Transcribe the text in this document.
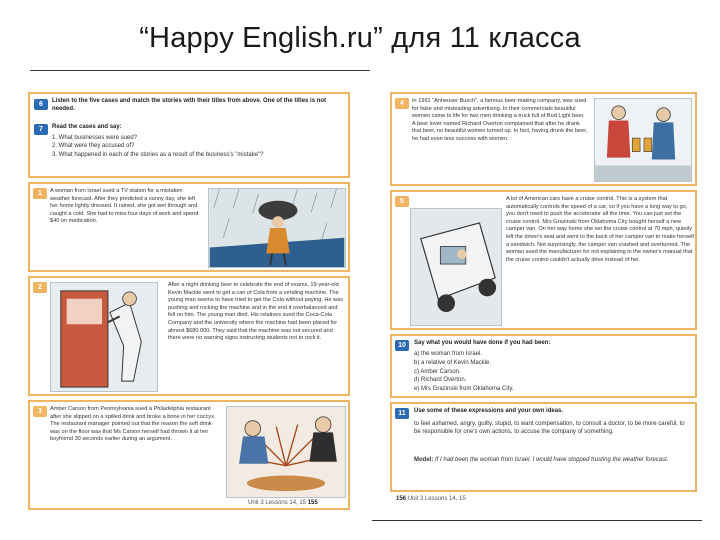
“Happy English.ru” для 11 класса
6	Listen to the five cases and match the stories with their titles from above. One of the titles is not needed.
7	Read the cases and say:
1. What businesses were sued?
2. What were they accused of?
3. What happened in each of the stories as a result of the business's "mistake"?
1	A woman from Israel sued a TV station for a mistaken weather forecast. After they predicted a sunny day, she left her home lightly dressed. It rained, she got wet through and caught a cold. She had to miss four days of work and spend $40 on medication.
2	After a night drinking beer to celebrate the end of exams, 19-year-old Kevin Mackle went to get a can of Cola from a vending machine. The young man seems to have tried to get the Cola without paying. He was pushing and rocking the machine and in the end it overbalanced and fell on him. The young man died. His relatives sued the Coca-Cola Company and the university where the machine had been placed for almost $680 000. They said that the machine was not secured and there were no warning signs instructing students not to rock it.
3	Amber Carson from Pennsylvania sued a Philadelphia restaurant after she slipped on a spilled drink and broke a bone in her coccyx. The restaurant manager pointed out that the reason the soft drink was on the floor was that Ms Carson herself had thrown it at her boyfriend 30 seconds earlier during an argument.
Unit 3 Lessons 14, 15 155
4	In 1991 “Anheuser Busch”, a famous beer-making company, was sued for false and misleading advertising. In their commercials beautiful women came to life for two men drinking a truck full of Bud Light beer. A beer lover named Richard Overton complained that after he drank that beer, no beautiful women turned up. In fact, having drunk the beer, he had even less success with women.
5	A lot of American cars have a cruise control. This is a system that automatically controls the speed of a car, so if you have a long way to go, you don't need to push the accelerator all the time. You can just set the cruise control. Mrs Grazinski from Oklahoma City bought herself a new camper van. On her way home she set the cruise control at 70 mph, quietly left the driver's seat and went to the back of her camper van to make herself a sandwich. Not surprisingly, the camper van crashed and overturned. The woman sued the manufacturer for not explaining in the owner's manual that the cruise control couldn't actually drive instead of her.
10	Say what you would have done if you had been:
a) the woman from Israel.
b) a relative of Kevin Mackle.
c) Amber Carson.
d) Richard Overton.
e) Mrs Grazinski from Oklahoma City.
11	Use some of these expressions and your own ideas.
to feel ashamed, angry, guilty, stupid, to want compensation, to consult a doctor, to be more careful, to be responsible for one's own actions, to accuse the company of something.
Model: If I had been the woman from Israel, I would have stopped trusting the weather forecast.
156 Unit 3 Lessons 14, 15
